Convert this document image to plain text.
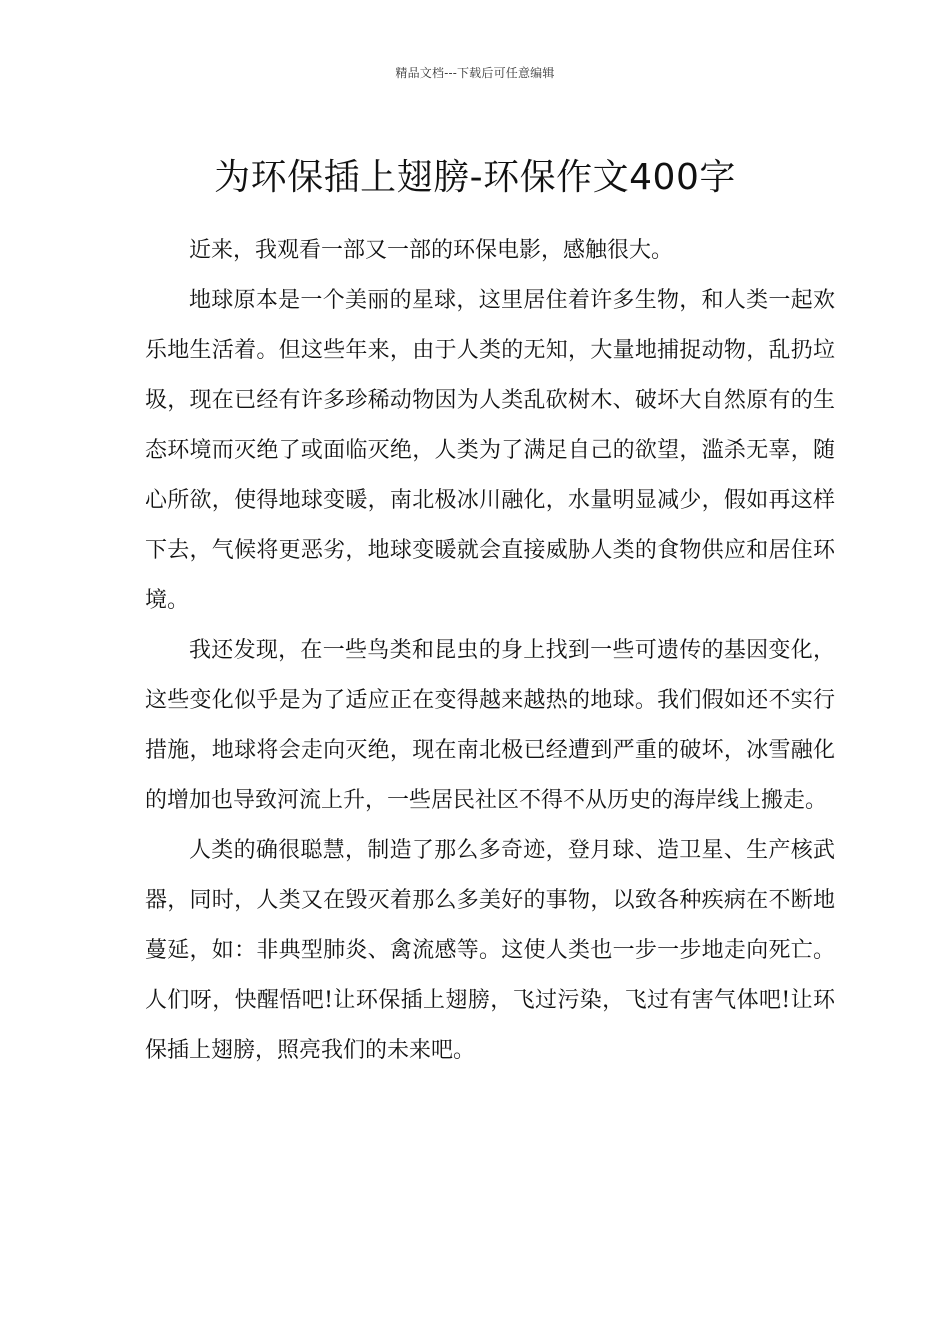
精品文档---下载后可任意编辑
为环保插上翅膀-环保作文400字

近来，我观看一部又一部的环保电影，感触很大。

地球原本是一个美丽的星球，这里居住着许多生物，和人类一起欢乐地生活着。但这些年来，由于人类的无知，大量地捕捉动物，乱扔垃圾，现在已经有许多珍稀动物因为人类乱砍树木、破坏大自然原有的生态环境而灭绝了或面临灭绝，人类为了满足自己的欲望，滥杀无辜，随心所欲，使得地球变暖，南北极冰川融化，水量明显减少，假如再这样下去，气候将更恶劣，地球变暖就会直接威胁人类的食物供应和居住环境。

我还发现，在一些鸟类和昆虫的身上找到一些可遗传的基因变化，这些变化似乎是为了适应正在变得越来越热的地球。我们假如还不实行措施，地球将会走向灭绝，现在南北极已经遭到严重的破坏，冰雪融化的增加也导致河流上升，一些居民社区不得不从历史的海岸线上搬走。

人类的确很聪慧，制造了那么多奇迹，登月球、造卫星、生产核武器，同时，人类又在毁灭着那么多美好的事物，以致各种疾病在不断地蔓延，如：非典型肺炎、禽流感等。这使人类也一步一步地走向死亡。人们呀，快醒悟吧!让环保插上翅膀，飞过污染，飞过有害气体吧!让环保插上翅膀，照亮我们的未来吧。
